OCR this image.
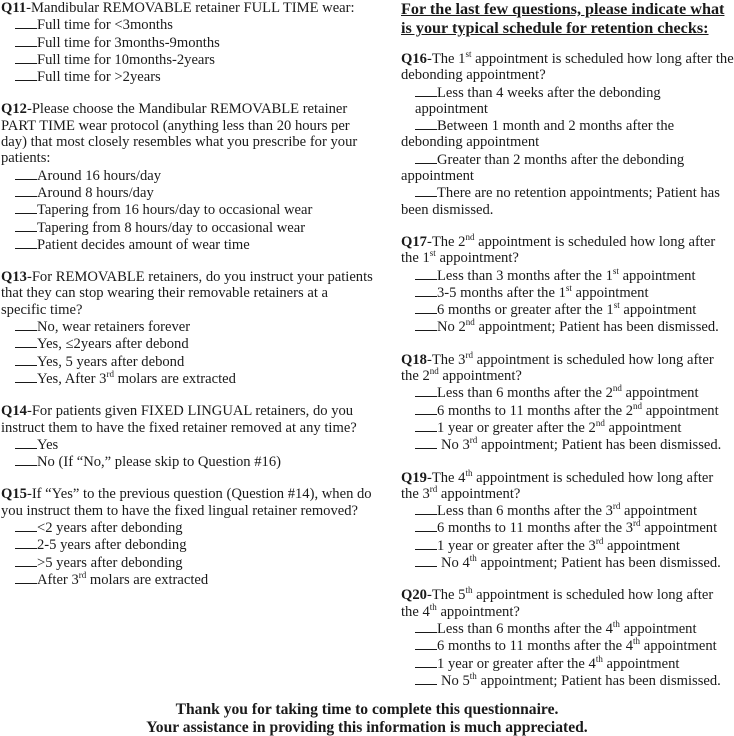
Q11-Mandibular REMOVABLE retainer FULL TIME wear:
Full time for <3months
Full time for 3months-9months
Full time for 10months-2years
Full time for >2years
Q12-Please choose the Mandibular REMOVABLE retainer PART TIME wear protocol (anything less than 20 hours per day) that most closely resembles what you prescribe for your patients:
Around 16 hours/day
Around 8 hours/day
Tapering from 16 hours/day to occasional wear
Tapering from 8 hours/day to occasional wear
Patient decides amount of wear time
Q13-For REMOVABLE retainers, do you instruct your patients that they can stop wearing their removable retainers at a specific time?
No, wear retainers forever
Yes, ≤2years after debond
Yes, 5 years after debond
Yes, After 3rd molars are extracted
Q14-For patients given FIXED LINGUAL retainers, do you instruct them to have the fixed retainer removed at any time?
Yes
No (If “No,” please skip to Question #16)
Q15-If “Yes” to the previous question (Question #14), when do you instruct them to have the fixed lingual retainer removed?
<2 years after debonding
2-5 years after debonding
>5 years after debonding
After 3rd molars are extracted
For the last few questions, please indicate what is your typical schedule for retention checks:
Q16-The 1st appointment is scheduled how long after the debonding appointment?
Less than 4 weeks after the debonding appointment
Between 1 month and 2 months after the debonding appointment
Greater than 2 months after the debonding appointment
There are no retention appointments; Patient has been dismissed.
Q17-The 2nd appointment is scheduled how long after the 1st appointment?
Less than 3 months after the 1st appointment
3-5 months after the 1st appointment
6 months or greater after the 1st appointment
No 2nd appointment; Patient has been dismissed.
Q18-The 3rd appointment is scheduled how long after the 2nd appointment?
Less than 6 months after the 2nd appointment
6 months to 11 months after the 2nd appointment
1 year or greater after the 2nd appointment
No 3rd appointment; Patient has been dismissed.
Q19-The 4th appointment is scheduled how long after the 3rd appointment?
Less than 6 months after the 3rd appointment
6 months to 11 months after the 3rd appointment
1 year or greater after the 3rd appointment
No 4th appointment; Patient has been dismissed.
Q20-The 5th appointment is scheduled how long after the 4th appointment?
Less than 6 months after the 4th appointment
6 months to 11 months after the 4th appointment
1 year or greater after the 4th appointment
No 5th appointment; Patient has been dismissed.
Thank you for taking time to complete this questionnaire.
Your assistance in providing this information is much appreciated.
